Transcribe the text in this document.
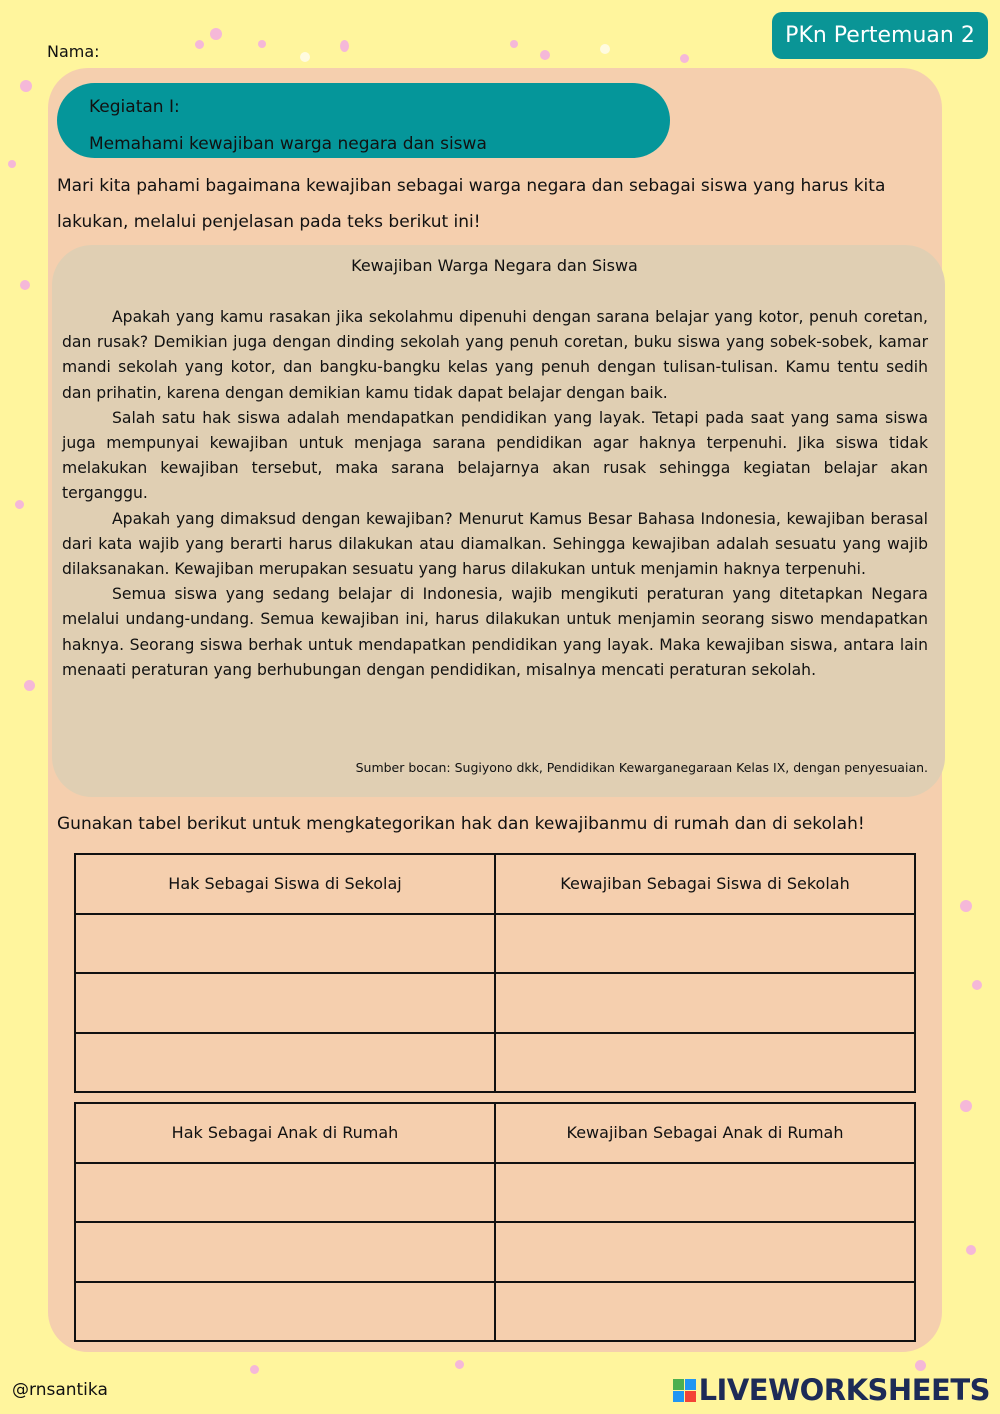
Nama:
PKn Pertemuan 2
Kegiatan I:
Memahami kewajiban warga negara dan siswa
Mari kita pahami bagaimana kewajiban sebagai warga negara dan sebagai siswa yang harus kita lakukan, melalui penjelasan pada teks berikut ini!
Kewajiban Warga Negara dan Siswa

Apakah yang kamu rasakan jika sekolahmu dipenuhi dengan sarana belajar yang kotor, penuh coretan, dan rusak? Demikian juga dengan dinding sekolah yang penuh coretan, buku siswa yang sobek-sobek, kamar mandi sekolah yang kotor, dan bangku-bangku kelas yang penuh dengan tulisan-tulisan. Kamu tentu sedih dan prihatin, karena dengan demikian kamu tidak dapat belajar dengan baik.

Salah satu hak siswa adalah mendapatkan pendidikan yang layak. Tetapi pada saat yang sama siswa juga mempunyai kewajiban untuk menjaga sarana pendidikan agar haknya terpenuhi. Jika siswa tidak melakukan kewajiban tersebut, maka sarana belajarnya akan rusak sehingga kegiatan belajar akan terganggu.

Apakah yang dimaksud dengan kewajiban? Menurut Kamus Besar Bahasa Indonesia, kewajiban berasal dari kata wajib yang berarti harus dilakukan atau diamalkan. Sehingga kewajiban adalah sesuatu yang wajib dilaksanakan. Kewajiban merupakan sesuatu yang harus dilakukan untuk menjamin haknya terpenuhi.

Semua siswa yang sedang belajar di Indonesia, wajib mengikuti peraturan yang ditetapkan Negara melalui undang-undang. Semua kewajiban ini, harus dilakukan untuk menjamin seorang siswo mendapatkan haknya. Seorang siswa berhak untuk mendapatkan pendidikan yang layak. Maka kewajiban siswa, antara lain menaati peraturan yang berhubungan dengan pendidikan, misalnya mencati peraturan sekolah.

Sumber bocan: Sugiyono dkk, Pendidikan Kewarganegaraan Kelas IX, dengan penyesuaian.
Gunakan tabel berikut untuk mengkategorikan hak dan kewajibanmu di rumah dan di sekolah!
Hak Sebagai Siswa di Sekolaj	Kewajiban Sebagai Siswa di Sekolah

Hak Sebagai Anak di Rumah	Kewajiban Sebagai Anak di Rumah

@rnsantika	LIVEWORKSHEETS
